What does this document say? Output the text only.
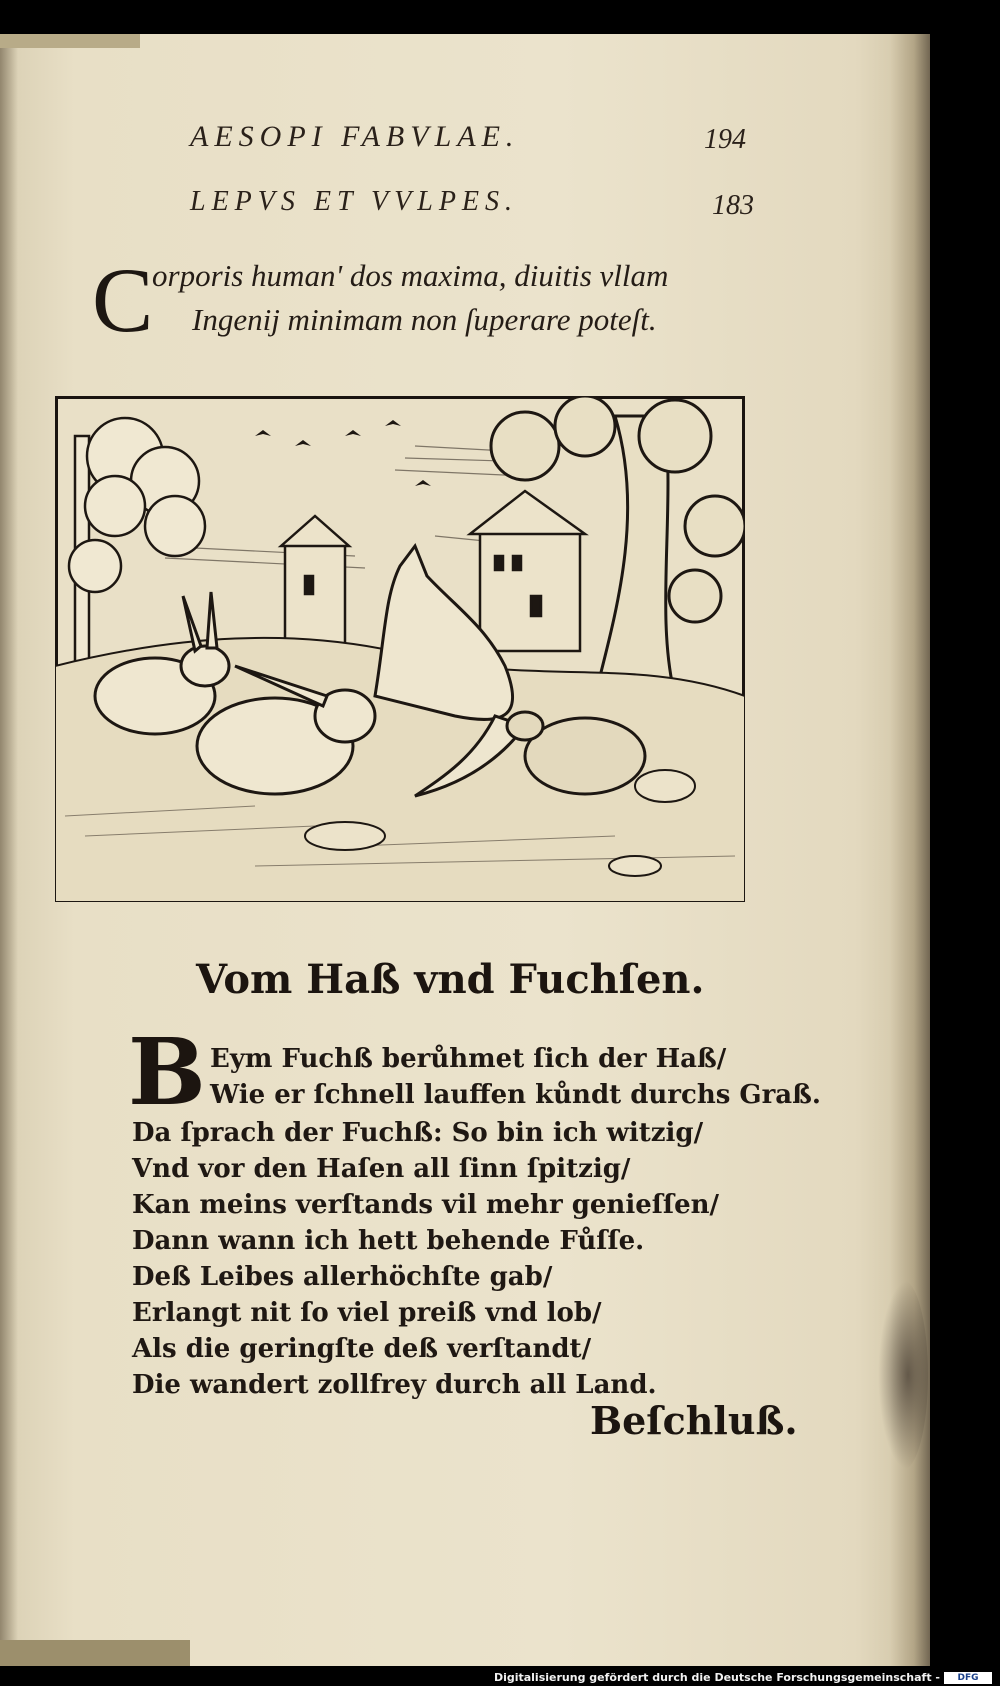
AESOPI FABVLAE.	194
LEPVS ET VVLPES.	183
C
orporis human' dos maxima, diuitis vllam
Ingenij minimam non ſuperare poteſt.
Vom Haß vnd Fuchſen.
B Eym Fuchß berůhmet ſich der Haß/
Wie er ſchnell lauffen kůndt durchs Graß.
Da ſprach der Fuchß: So bin ich witzig/
Vnd vor den Haſen all ſinn ſpitzig/
Kan meins verſtands vil mehr genieſſen/
Dann wann ich hett behende Fůſſe.
Deß Leibes allerhöchſte gab/
Erlangt nit ſo viel preiß vnd lob/
Als die geringſte deß verſtandt/
Die wandert zollfrey durch all Land.
Beſchluß.
Digitalisierung gefördert durch die Deutsche Forschungsgemeinschaft -	DFG
